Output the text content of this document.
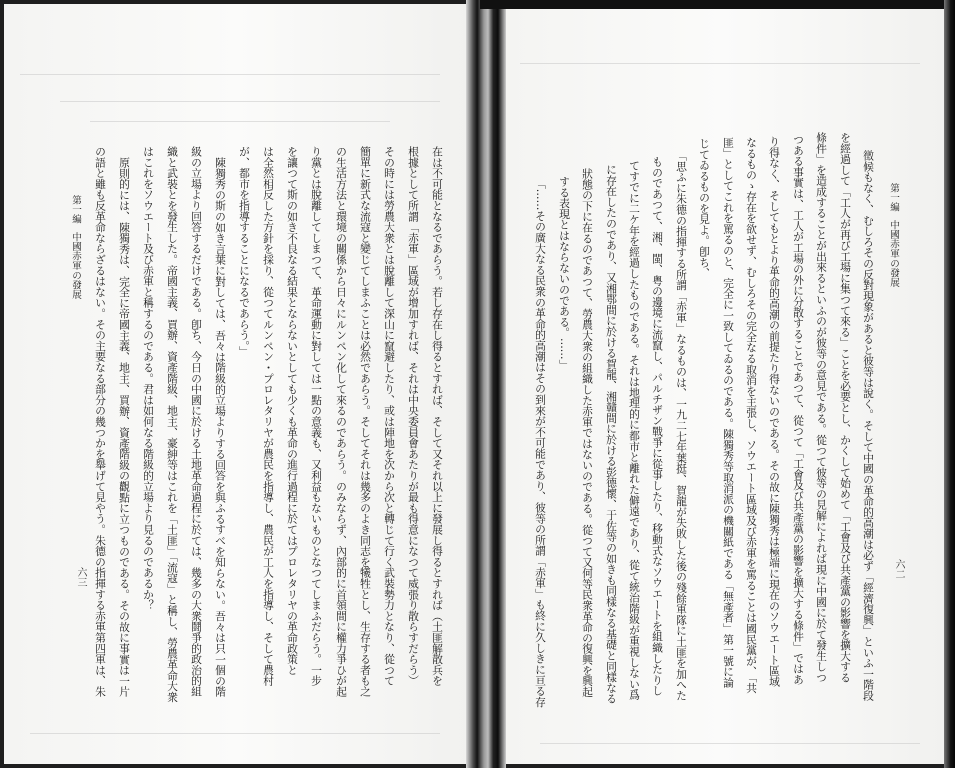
第一編中國赤軍の發展
六三	在は不可能となるであらう。若し存在し得るとすれば、そして又それ以上に發展し得るとすれば（土匪解散兵を
根據として所謂「赤軍」區域が增加すれば、それは中央委員會あたりが最も得意になつて威張り散らすだらう）
その時には勞農大衆とは脫離して深山に竄避したり、或は陣地を次から次と轉じて行く武裝勢力となり、從つて
簡單に新式な流寇と變じてしまふことは必然であらう。そしてそれは幾多のよき同志を犧牲とし、生存する者も之
の生活方法と環境の關係から日々にルンペン化して來るのであらう。のみならず、內部的に首領間に權力爭ひが起
り黨とは脫離してしまつて、革命運動に對しては一點の意義も、又利益もないものとなつてしまふだらう。一步
を讓つて斯の如き不良なる結果とならないとしても少くも革命の進行過程に於てはプロレタリヤの革命政策と
は全然相反した方針を採り、從つてルンペン・プロレタリヤが農民を指導し、農民が工人を指導し、そして農村
が、都市を指導することになるであらう。」
陳獨秀の斯の如き言葉に對しては、吾々は階級的立場よりする回答を與ふるすべを知らない。吾々は只一個の階
級の立場より回答するだけである。卽ち、今日の中國に於ける土地革命過程に於ては、幾多の大衆鬪爭的政治的組
織と武裝とを發生した。帝國主義、買辦、資產階級、地主、豪紳等はこれを「土匪」「流寇」と稱し、勞農革命大衆
はこれをソウエート及び赤軍と稱するのである。君は如何なる階級的立場より見るのであるか？
原則的には、陳獨秀は、完全に帝國主義、地主、買辦、資產階級の觀點に立つものである。その故に事實は一片
の語と雖も反革命ならざるはない。その主要なる部分の幾つかを舉げて見やう。朱德の指揮する赤軍第四軍は、朱	第一編中國赤軍の發展
六二
徵候もなく、むしろその反對現象があると彼等は說く。そして中國の革命的高潮は必ず「經濟復興」といふ一階段
を經過して「工人が再び工場に集つて來る」ことを必要とし、かくして始めて「工會及び共產黨の影響を擴大する
條件」を造成することが出來るといふのが彼等の意見である。從つて彼等の見解によれば現に中國に於て發生しつ
つある事實は、工人が工場の外に分散することであつて、從つて「工會及び共產黨の影響を擴大する條件」ではあ
り得なく、そしてもとより革命的高潮の前提たり得ないのである。その故に陳獨秀は極端に現在のソウエート區域
なるものゝ存在を欲せず、むしろその完全なる取消を主張し、ソウエート區域及び赤軍を罵ることは國民黨が、「共
匪」としてこれを罵るのと、完全に一致してゐるのである。陳獨秀等取消派の機關紙である「無產者」第一號に論
じてゐるものを見よ。卽ち、
「思ふに朱德の指揮する所謂「赤軍」なるものは、一九二七年葉挺、賀龍が失敗した後の殘餘軍隊に土匪を加へた
ものであつて、湘、閩、粤の邊境に流竄し、パルチザン戰爭に從事したり、移動式なソウエートを組織したりし
てすでに二ケ年を經過したものである。それは地理的に都市と離れた僻遠であり、從て統治階級が重視しない爲
に存在したのであり、又湘鄂間に於ける賀龍、湘贛間に於ける彭德懷、于佐等の如きも同樣なる基礎と同樣なる
狀態の下に在るのであつて、勞農大衆の組織した赤軍ではないのである。從つて又何等民衆革命の復興を興起
する表現とはならないのである。……」
「……その廣大なる民衆の革命的高潮はその到來が不可能であり、彼等の所謂「赤軍」も終に久しきに亘る存
